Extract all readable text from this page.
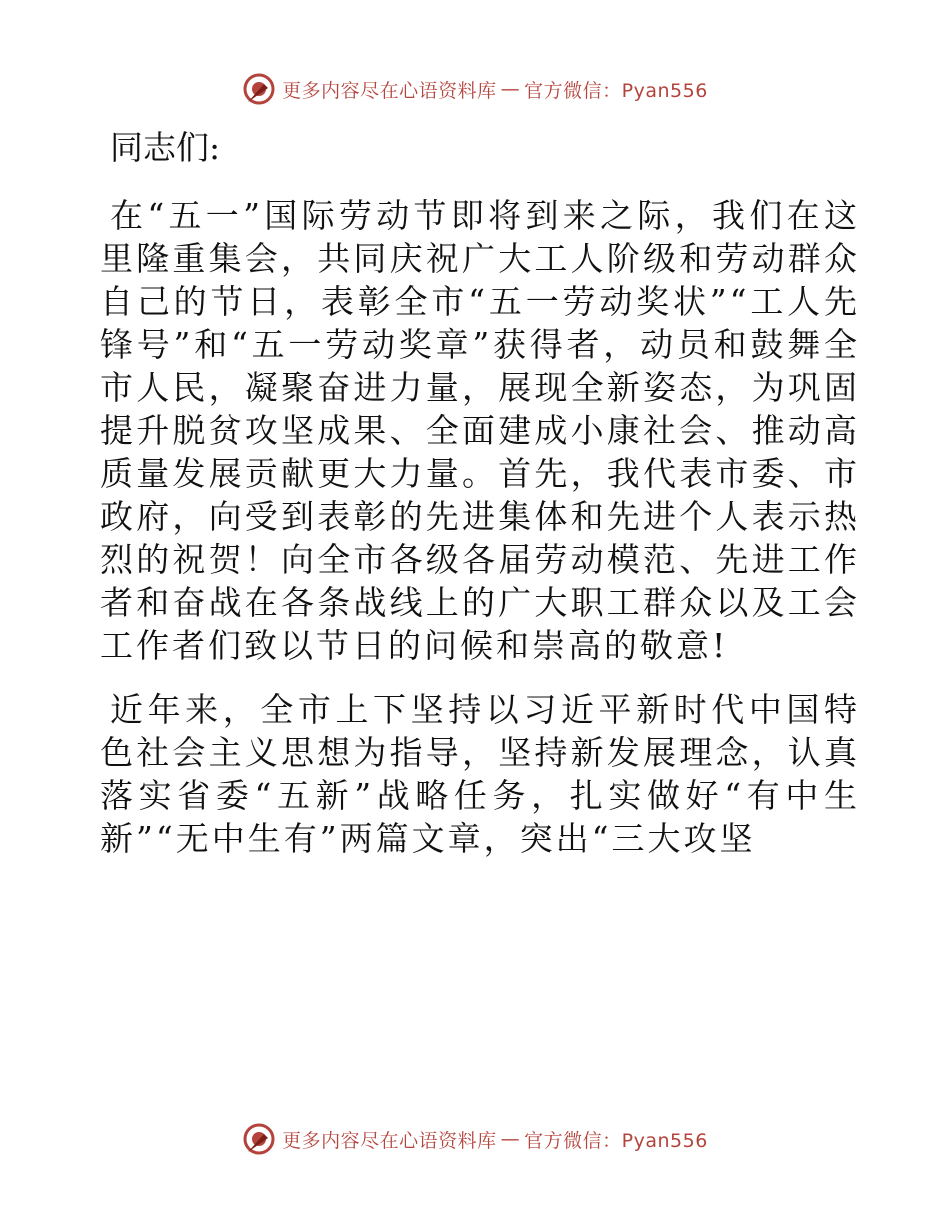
更多内容尽在心语资料库 — 官方微信：Pyan556
同志们:

在“五一”国际劳动节即将到来之际，我们在这里隆重集会，共同庆祝广大工人阶级和劳动群众自己的节日，表彰全市“五一劳动奖状”“工人先锋号”和“五一劳动奖章”获得者，动员和鼓舞全市人民，凝聚奋进力量，展现全新姿态，为巩固提升脱贫攻坚成果、全面建成小康社会、推动高质量发展贡献更大力量。首先，我代表市委、市政府，向受到表彰的先进集体和先进个人表示热烈的祝贺！向全市各级各届劳动模范、先进工作者和奋战在各条战线上的广大职工群众以及工会工作者们致以节日的问候和崇高的敬意!

近年来，全市上下坚持以习近平新时代中国特色社会主义思想为指导，坚持新发展理念，认真落实省委“五新”战略任务，扎实做好“有中生新”“无中生有”两篇文章，突出“三大攻坚

更多内容尽在心语资料库 — 官方微信：Pyan556
